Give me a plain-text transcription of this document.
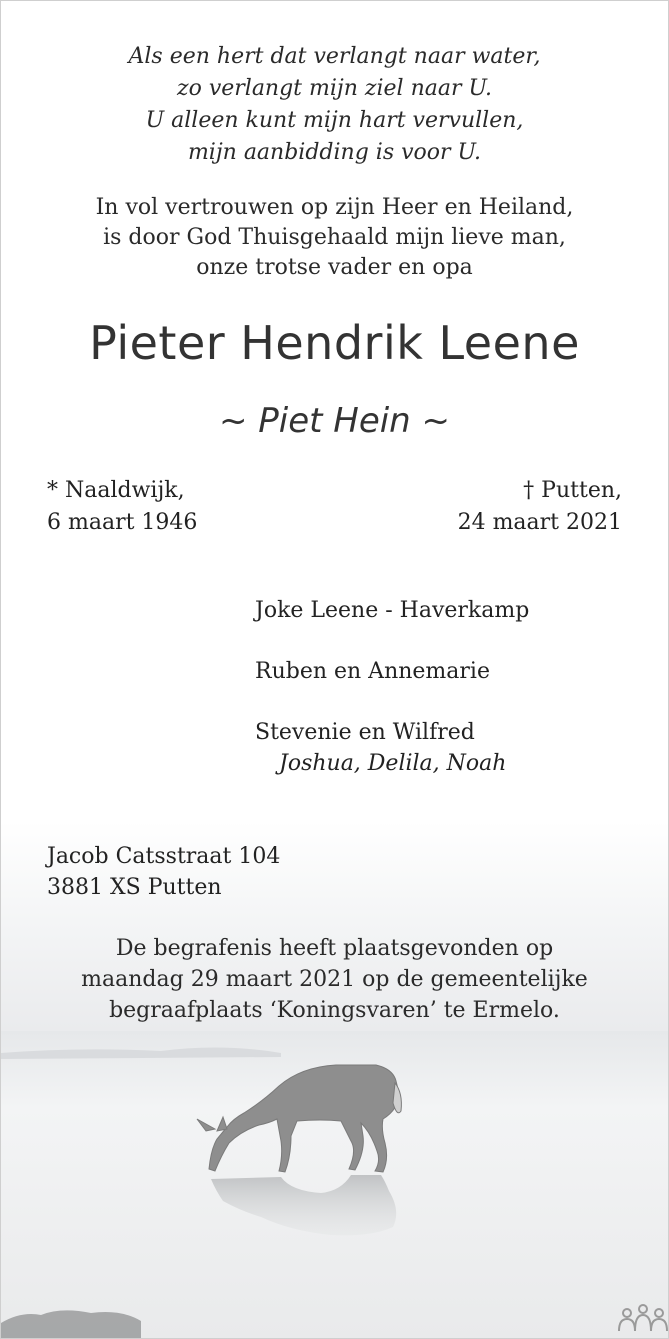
Als een hert dat verlangt naar water,
zo verlangt mijn ziel naar U.
U alleen kunt mijn hart vervullen,
mijn aanbidding is voor U.
In vol vertrouwen op zijn Heer en Heiland,
is door God Thuisgehaald mijn lieve man,
onze trotse vader en opa
Pieter Hendrik Leene
~ Piet Hein ~
* Naaldwijk,
6 maart 1946
† Putten,
24 maart 2021
Joke Leene - Haverkamp
Ruben en Annemarie
Stevenie en Wilfred
Joshua, Delila, Noah
Jacob Catsstraat 104
3881 XS Putten
De begrafenis heeft plaatsgevonden op
maandag 29 maart 2021 op de gemeentelijke
begraafplaats ‘Koningsvaren’ te Ermelo.
